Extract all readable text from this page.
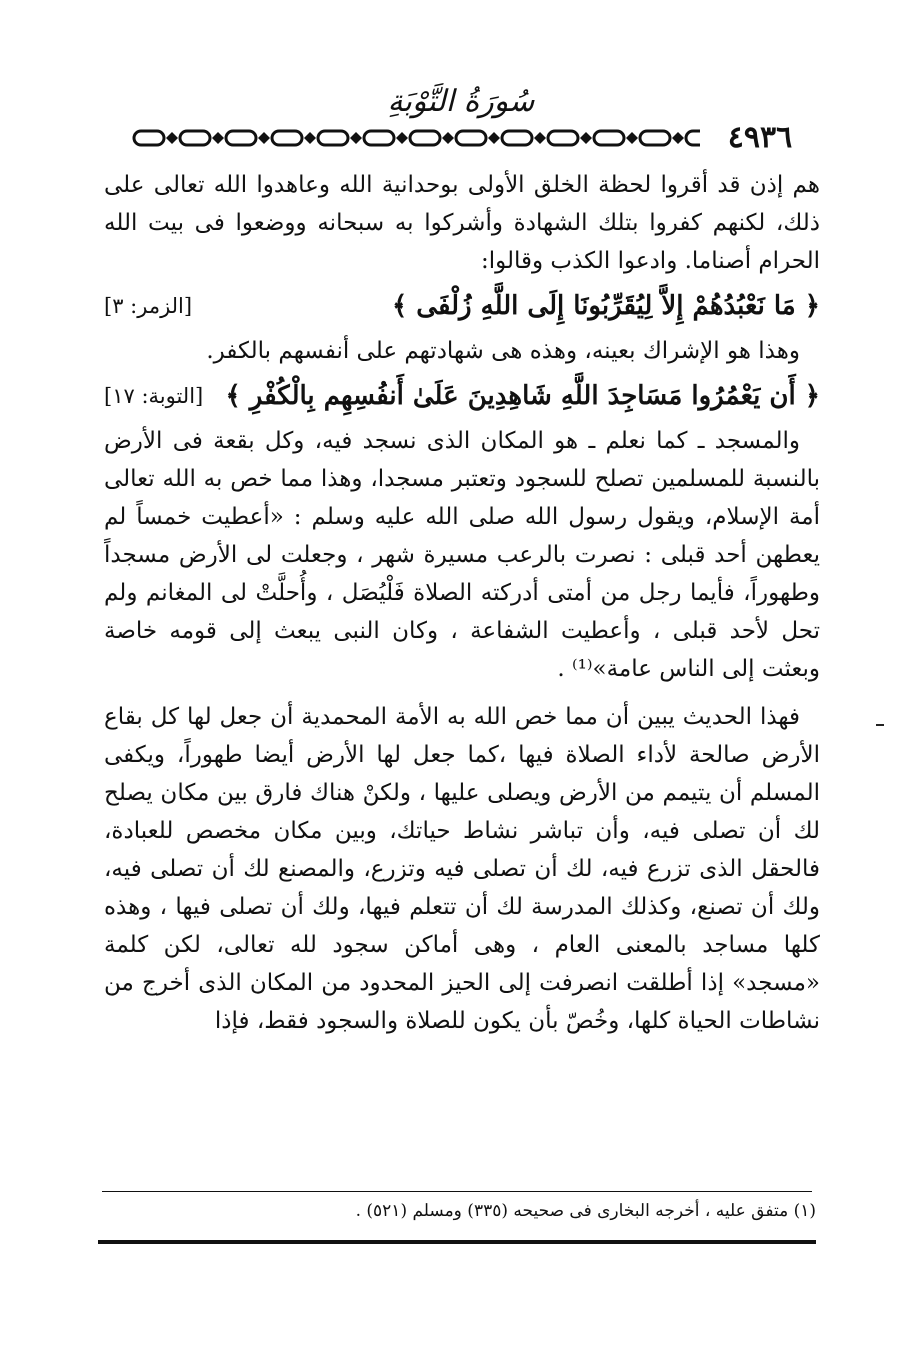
سُورَةُ التَّوْبَةِ
٤٩٣٦

هم إذن قد أقروا لحظة الخلق الأولى بوحدانية الله وعاهدوا الله تعالى على ذلك، لكنهم كفروا بتلك الشهادة وأشركوا به سبحانه ووضعوا فى بيت الله الحرام أصناما. وادعوا الكذب وقالوا:

﴿ مَا نَعْبُدُهُمْ إِلاَّ لِيُقَرِّبُونَا إِلَى اللَّهِ زُلْفَى ﴾
[الزمر: ٣]

وهذا هو الإشراك بعينه، وهذه هى شهادتهم على أنفسهم بالكفر.

﴿ أَن يَعْمُرُوا مَسَاجِدَ اللَّهِ شَاهِدِينَ عَلَىٰ أَنفُسِهِم بِالْكُفْرِ ﴾
[التوبة: ١٧]

والمسجد ـ كما نعلم ـ هو المكان الذى نسجد فيه، وكل بقعة فى الأرض بالنسبة للمسلمين تصلح للسجود وتعتبر مسجدا، وهذا مما خص به الله تعالى أمة الإسلام، ويقول رسول الله صلى الله عليه وسلم : «أعطيت خمساً لم يعطهن أحد قبلى : نصرت بالرعب مسيرة شهر ، وجعلت لى الأرض مسجداً وطهوراً، فأيما رجل من أمتى أدركته الصلاة فَلْيُصَل ، وأُحلَّتْ لى المغانم ولم تحل لأحد قبلى ، وأعطيت الشفاعة ، وكان النبى يبعث إلى قومه خاصة وبعثت إلى الناس عامة»⁽¹⁾ .

فهذا الحديث يبين أن مما خص الله به الأمة المحمدية أن جعل لها كل بقاع الأرض صالحة لأداء الصلاة فيها ،كما جعل لها الأرض أيضا طهوراً، ويكفى المسلم أن يتيمم من الأرض ويصلى عليها ، ولكنْ هناك فارق بين مكان يصلح لك أن تصلى فيه، وأن تباشر نشاط حياتك، وبين مكان مخصص للعبادة، فالحقل الذى تزرع فيه، لك أن تصلى فيه وتزرع، والمصنع لك أن تصلى فيه، ولك أن تصنع، وكذلك المدرسة لك أن تتعلم فيها، ولك أن تصلى فيها ، وهذه كلها مساجد بالمعنى العام ، وهى أماكن سجود لله تعالى، لكن كلمة «مسجد» إذا أطلقت انصرفت إلى الحيز المحدود من المكان الذى أخرج من نشاطات الحياة كلها، وخُصّ بأن يكون للصلاة والسجود فقط، فإذا

(١) متفق عليه ، أخرجه البخارى فى صحيحه (٣٣٥) ومسلم (٥٢١) .
